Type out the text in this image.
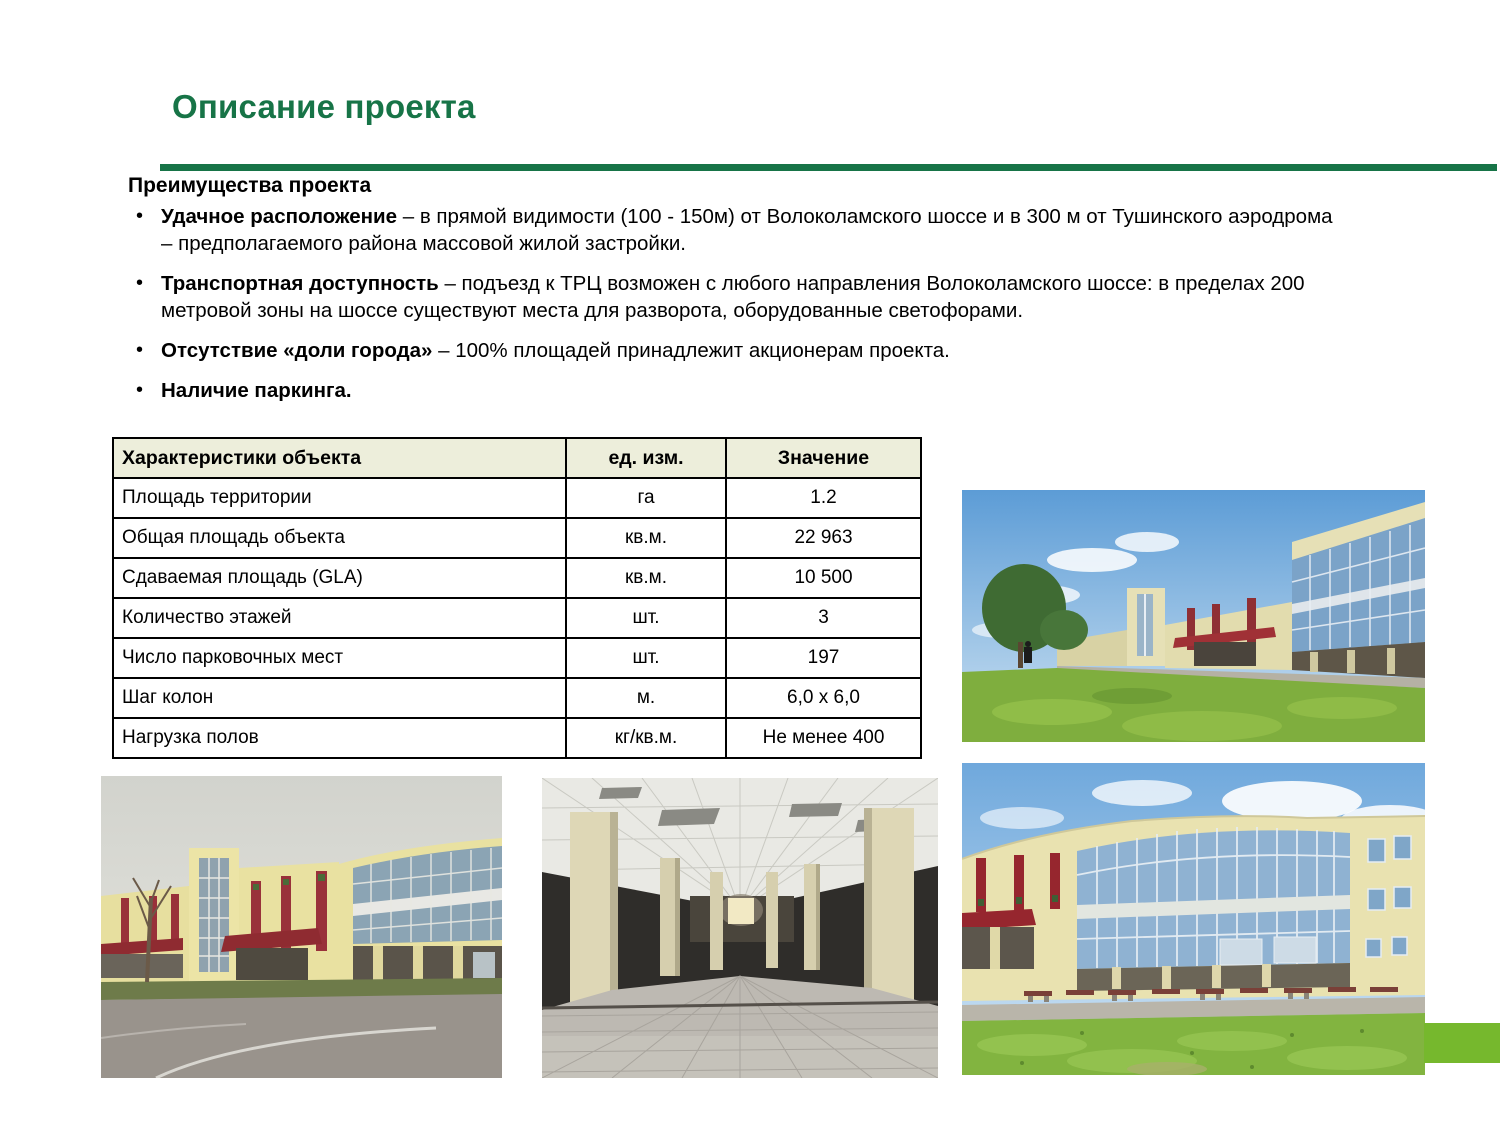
Описание проекта
Преимущества проекта
• Удачное расположение – в прямой видимости (100 - 150м) от Волоколамского шоссе и в 300 м от Тушинского аэродрома – предполагаемого района массовой жилой застройки.
• Транспортная доступность – подъезд к ТРЦ возможен с любого направления Волоколамского шоссе: в пределах 200 метровой зоны на шоссе существуют места для разворота, оборудованные светофорами.
• Отсутствие «доли города» – 100% площадей принадлежит акционерам проекта.
• Наличие паркинга.
Характеристики объекта	ед. изм.	Значение
Площадь территории	га	1.2
Общая площадь объекта	кв.м.	22 963
Сдаваемая площадь (GLA)	кв.м.	10 500
Количество этажей	шт.	3
Число парковочных мест	шт.	197
Шаг колон	м.	6,0 х 6,0
Нагрузка полов	кг/кв.м.	Не менее 400
